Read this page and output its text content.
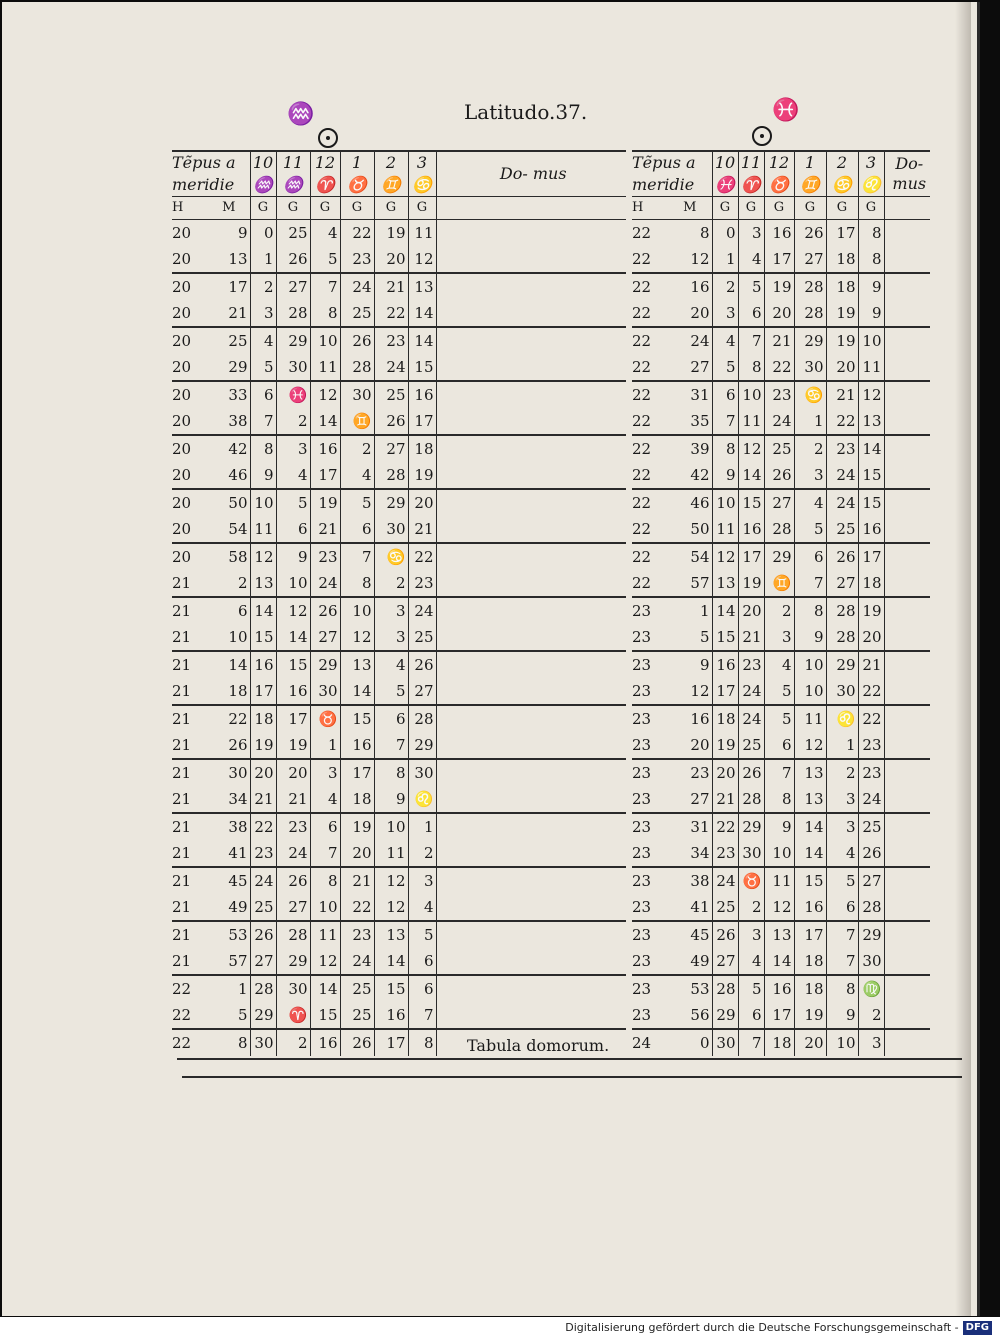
♒	Latitudo.37.	♓
Tẽpus a meridie		10	11	12	1	2	3	Do- mus
		♒	♒	♈	♉	♊	♋	
H	M	G	G	G	G	G	G	
20	9	0	25	4	22	19	11	
20	13	1	26	5	23	20	12	
20	17	2	27	7	24	21	13	
20	21	3	28	8	25	22	14	
20	25	4	29	10	26	23	14	
20	29	5	30	11	28	24	15	
20	33	6	♓	12	30	25	16	
20	38	7	2	14	♊	26	17	
20	42	8	3	16	2	27	18	
20	46	9	4	17	4	28	19	
20	50	10	5	19	5	29	20	
20	54	11	6	21	6	30	21	
20	58	12	9	23	7	♋	22	
21	2	13	10	24	8	2	23	
21	6	14	12	26	10	3	24	
21	10	15	14	27	12	3	25	
21	14	16	15	29	13	4	26	
21	18	17	16	30	14	5	27	
21	22	18	17	♉	15	6	28	
21	26	19	19	1	16	7	29	
21	30	20	20	3	17	8	30	
21	34	21	21	4	18	9	♌	
21	38	22	23	6	19	10	1	
21	41	23	24	7	20	11	2	
21	45	24	26	8	21	12	3	
21	49	25	27	10	22	12	4	
21	53	26	28	11	23	13	5	
21	57	27	29	12	24	14	6	
22	1	28	30	14	25	15	6	
22	5	29	♈	15	25	16	7	
22	8	30	2	16	26	17	8	
Tẽpus a meridie		10	11	12	1	2	3	Do- mus
		♓	♈	♉	♊	♋	♌	
H	M	G	G	G	G	G	G	
22	8	0	3	16	26	17	8	
22	12	1	4	17	27	18	8	
22	16	2	5	19	28	18	9	
22	20	3	6	20	28	19	9	
22	24	4	7	21	29	19	10	
22	27	5	8	22	30	20	11	
22	31	6	10	23	♋	21	12	
22	35	7	11	24	1	22	13	
22	39	8	12	25	2	23	14	
22	42	9	14	26	3	24	15	
22	46	10	15	27	4	24	15	
22	50	11	16	28	5	25	16	
22	54	12	17	29	6	26	17	
22	57	13	19	♊	7	27	18	
23	1	14	20	2	8	28	19	
23	5	15	21	3	9	28	20	
23	9	16	23	4	10	29	21	
23	12	17	24	5	10	30	22	
23	16	18	24	5	11	♌	22	
23	20	19	25	6	12	1	23	
23	23	20	26	7	13	2	23	
23	27	21	28	8	13	3	24	
23	31	22	29	9	14	3	25	
23	34	23	30	10	14	4	26	
23	38	24	♉	11	15	5	27	
23	41	25	2	12	16	6	28	
23	45	26	3	13	17	7	29	
23	49	27	4	14	18	7	30	
23	53	28	5	16	18	8	♍	
23	56	29	6	17	19	9	2	
24	0	30	7	18	20	10	3	
Tabula domorum.
Digitalisierung gefördert durch die Deutsche Forschungsgemeinschaft - DFG
